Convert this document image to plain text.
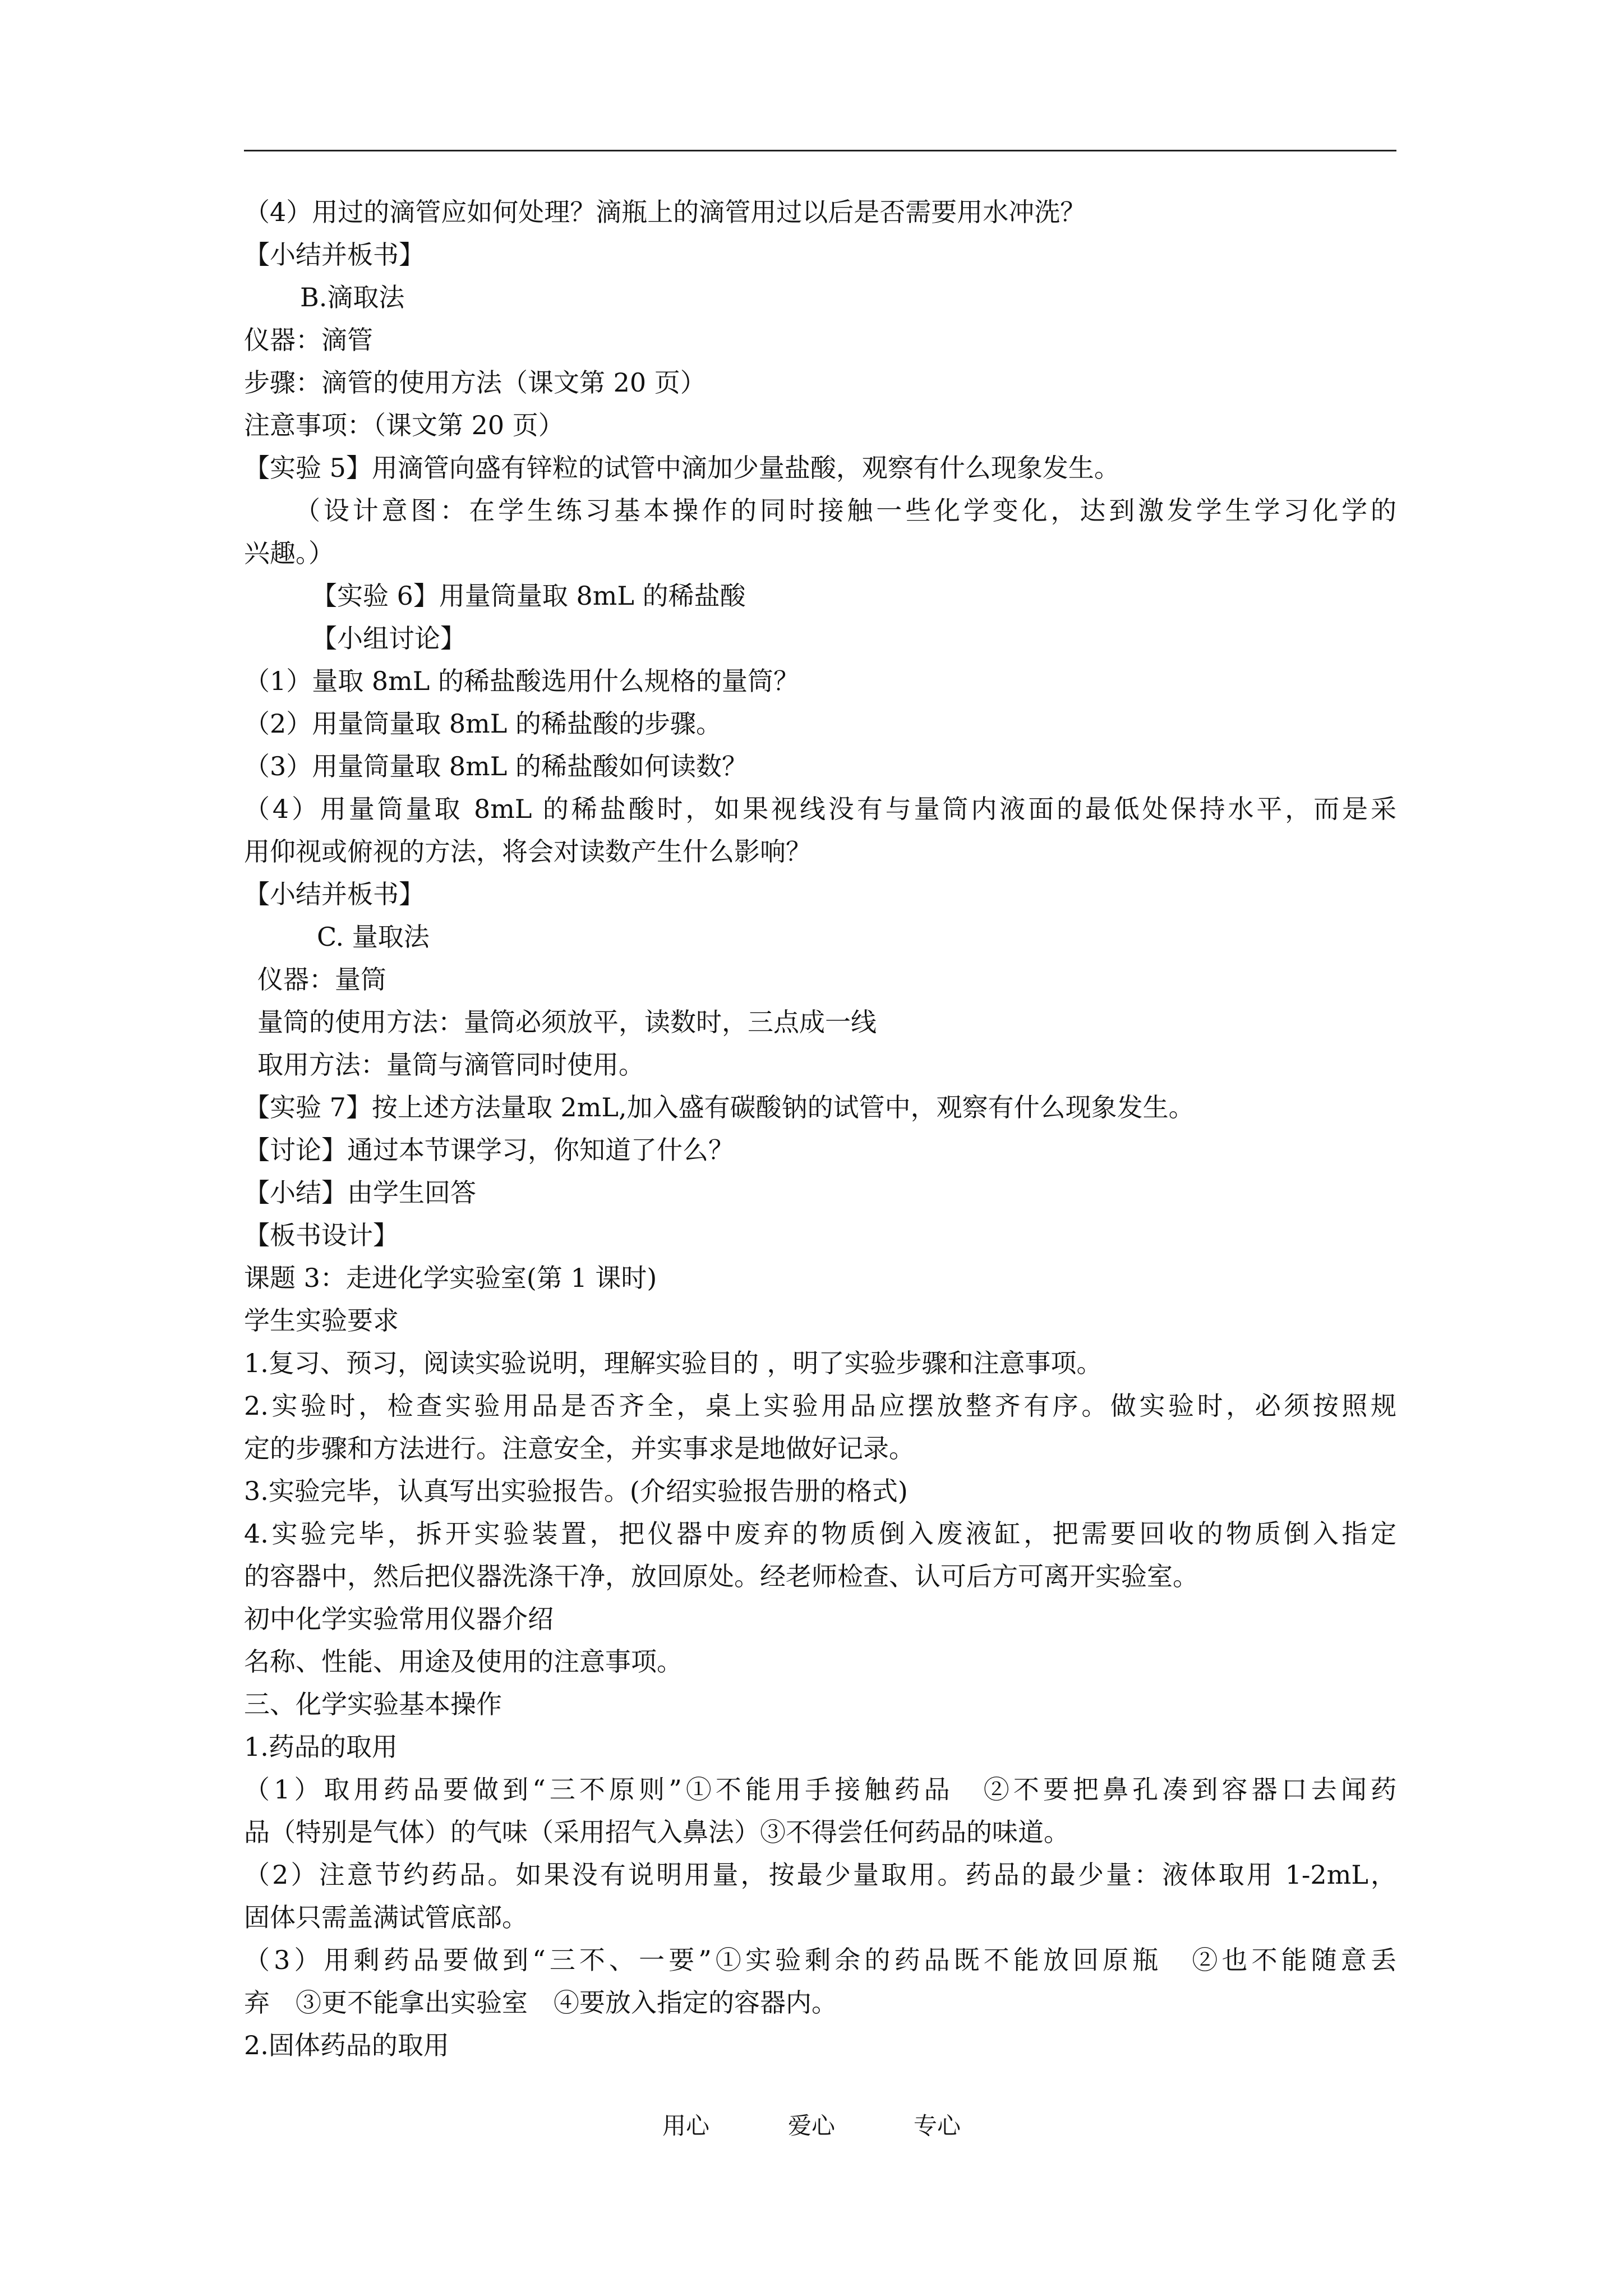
（4）用过的滴管应如何处理？滴瓶上的滴管用过以后是否需要用水冲洗？
【小结并板书】
B.滴取法
仪器：滴管
步骤：滴管的使用方法（课文第 20 页）
注意事项：（课文第 20 页）
【实验 5】用滴管向盛有锌粒的试管中滴加少量盐酸，观察有什么现象发生。
（设计意图：在学生练习基本操作的同时接触一些化学变化，达到激发学生学习化学的
兴趣。）
【实验 6】用量筒量取 8mL 的稀盐酸
【小组讨论】
（1）量取 8mL 的稀盐酸选用什么规格的量筒？
（2）用量筒量取 8mL 的稀盐酸的步骤。
（3）用量筒量取 8mL 的稀盐酸如何读数？
（4）用量筒量取 8mL 的稀盐酸时，如果视线没有与量筒内液面的最低处保持水平，而是采
用仰视或俯视的方法，将会对读数产生什么影响？
【小结并板书】
C. 量取法
仪器：量筒
量筒的使用方法：量筒必须放平，读数时，三点成一线
取用方法：量筒与滴管同时使用。
【实验 7】按上述方法量取 2mL,加入盛有碳酸钠的试管中，观察有什么现象发生。
【讨论】通过本节课学习，你知道了什么？
【小结】由学生回答
【板书设计】
课题 3：走进化学实验室(第 1 课时)
学生实验要求
1.复习、预习，阅读实验说明，理解实验目的 ，明了实验步骤和注意事项。
2.实验时，检查实验用品是否齐全，桌上实验用品应摆放整齐有序。做实验时，必须按照规
定的步骤和方法进行。注意安全，并实事求是地做好记录。
3.实验完毕，认真写出实验报告。(介绍实验报告册的格式)
4.实验完毕，拆开实验装置，把仪器中废弃的物质倒入废液缸，把需要回收的物质倒入指定
的容器中，然后把仪器洗涤干净，放回原处。经老师检查、认可后方可离开实验室。
初中化学实验常用仪器介绍
名称、性能、用途及使用的注意事项。
三、化学实验基本操作
1.药品的取用
（1）取用药品要做到“三不原则”①不能用手接触药品　②不要把鼻孔凑到容器口去闻药
品（特别是气体）的气味（采用招气入鼻法）③不得尝任何药品的味道。
（2）注意节约药品。如果没有说明用量，按最少量取用。药品的最少量：液体取用 1-2mL，
固体只需盖满试管底部。
（3）用剩药品要做到“三不、一要”①实验剩余的药品既不能放回原瓶　②也不能随意丢
弃　③更不能拿出实验室　④要放入指定的容器内。
2.固体药品的取用
用心	爱心	专心
